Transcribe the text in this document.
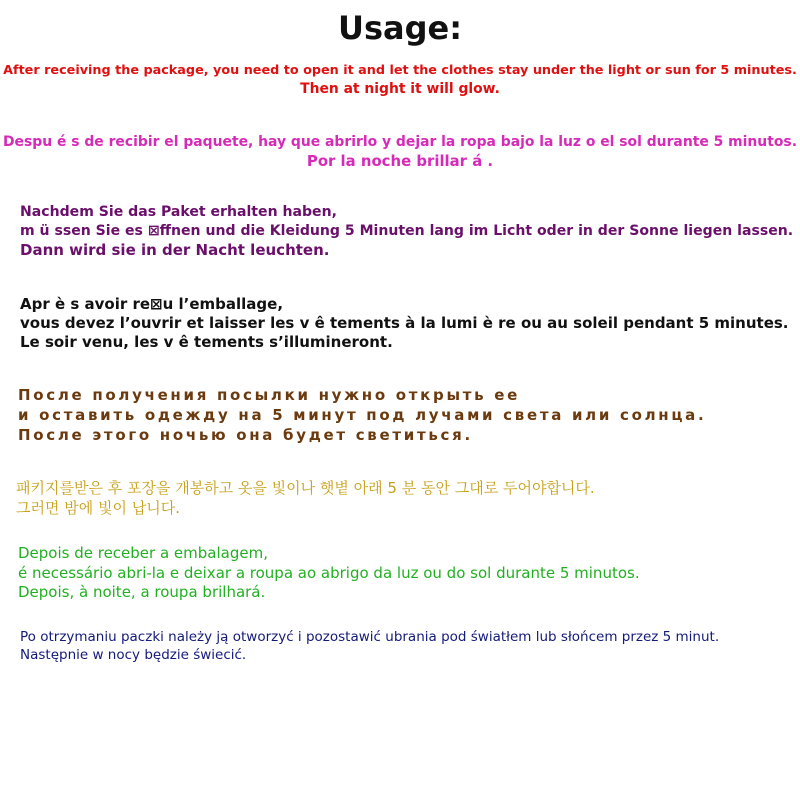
Usage:
After receiving the package, you need to open it and let the clothes stay under the light or sun for 5 minutes.
Then at night it will glow.
Despu é s de recibir el paquete, hay que abrirlo y dejar la ropa bajo la luz o el sol durante 5 minutos.
Por la noche brillar á .
Nachdem Sie das Paket erhalten haben,
m ü ssen Sie es ⊠ffnen und die Kleidung 5 Minuten lang im Licht oder in der Sonne liegen lassen.
Dann wird sie in der Nacht leuchten.
Apr è s avoir re⊠u l’emballage,
vous devez l’ouvrir et laisser les v ê tements à la lumi è re ou au soleil pendant 5 minutes.
Le soir venu, les v ê tements s’illumineront.
После получения посылки нужно открыть ее
и оставить одежду на 5 минут под лучами света или солнца.
После этого ночью она будет светиться.
패키지를받은 후 포장을 개봉하고 옷을 빛이나 햇볕 아래 5 분 동안 그대로 두어야합니다.
그러면 밤에 빛이 납니다.
Depois de receber a embalagem,
é necessário abri-la e deixar a roupa ao abrigo da luz ou do sol durante 5 minutos.
Depois, à noite, a roupa brilhará.
Po otrzymaniu paczki należy ją otworzyć i pozostawić ubrania pod światłem lub słońcem przez 5 minut.
Następnie w nocy będzie świecić.
